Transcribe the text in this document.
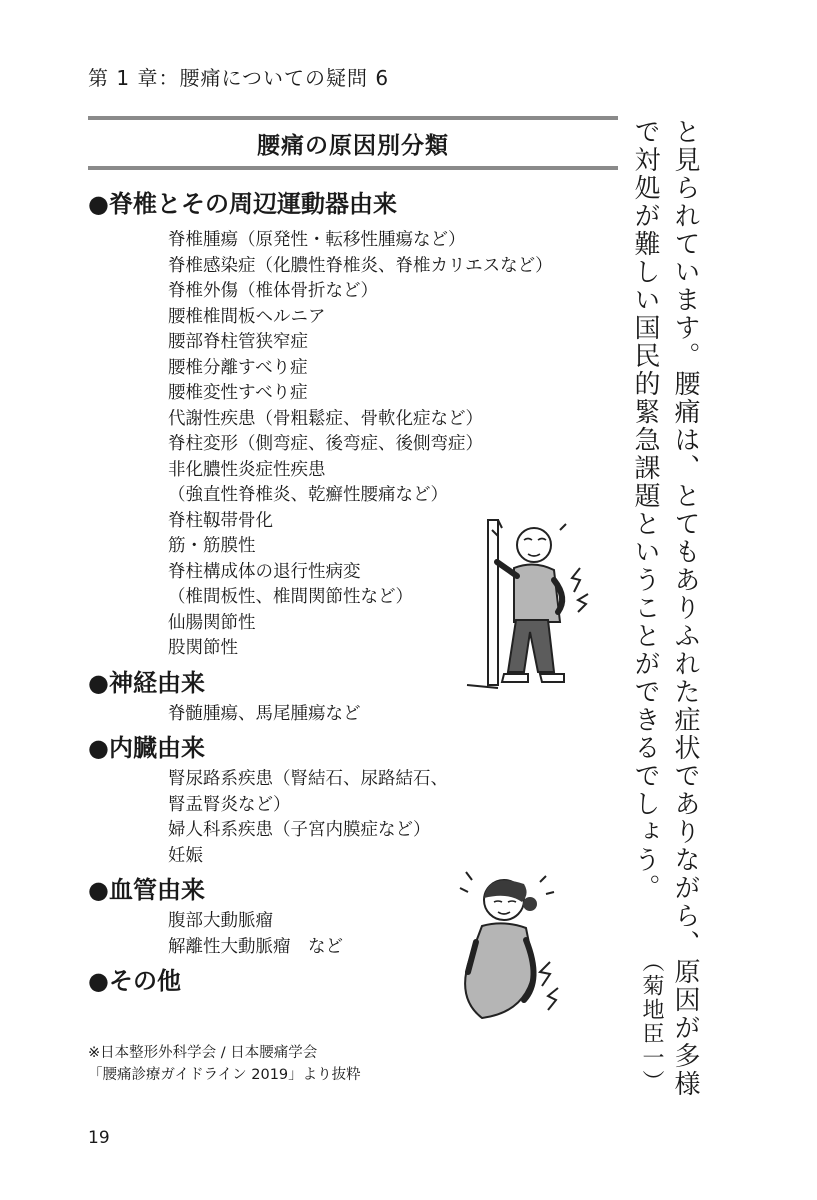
第 1 章：腰痛についての疑問 6
腰痛の原因別分類
●脊椎とその周辺運動器由来
脊椎腫瘍（原発性・転移性腫瘍など）
脊椎感染症（化膿性脊椎炎、脊椎カリエスなど）
脊椎外傷（椎体骨折など）
腰椎椎間板ヘルニア
腰部脊柱管狭窄症
腰椎分離すべり症
腰椎変性すべり症
代謝性疾患（骨粗鬆症、骨軟化症など）
脊柱変形（側弯症、後弯症、後側弯症）
非化膿性炎症性疾患
（強直性脊椎炎、乾癬性腰痛など）
脊柱靱帯骨化
筋・筋膜性
脊柱構成体の退行性病変
（椎間板性、椎間関節性など）
仙腸関節性
股関節性
●神経由来
脊髄腫瘍、馬尾腫瘍など
●内臓由来
腎尿路系疾患（腎結石、尿路結石、
腎盂腎炎など）
婦人科系疾患（子宮内膜症など）
妊娠
●血管由来
腹部大動脈瘤
解離性大動脈瘤　など
●その他
※日本整形外科学会 / 日本腰痛学会
「腰痛診療ガイドライン 2019」より抜粋
19
と見られています。腰痛は、とてもありふれた症状でありながら、原因が多様で対処が難しい国民的緊急課題ということができるでしょう。
（菊地臣一）
